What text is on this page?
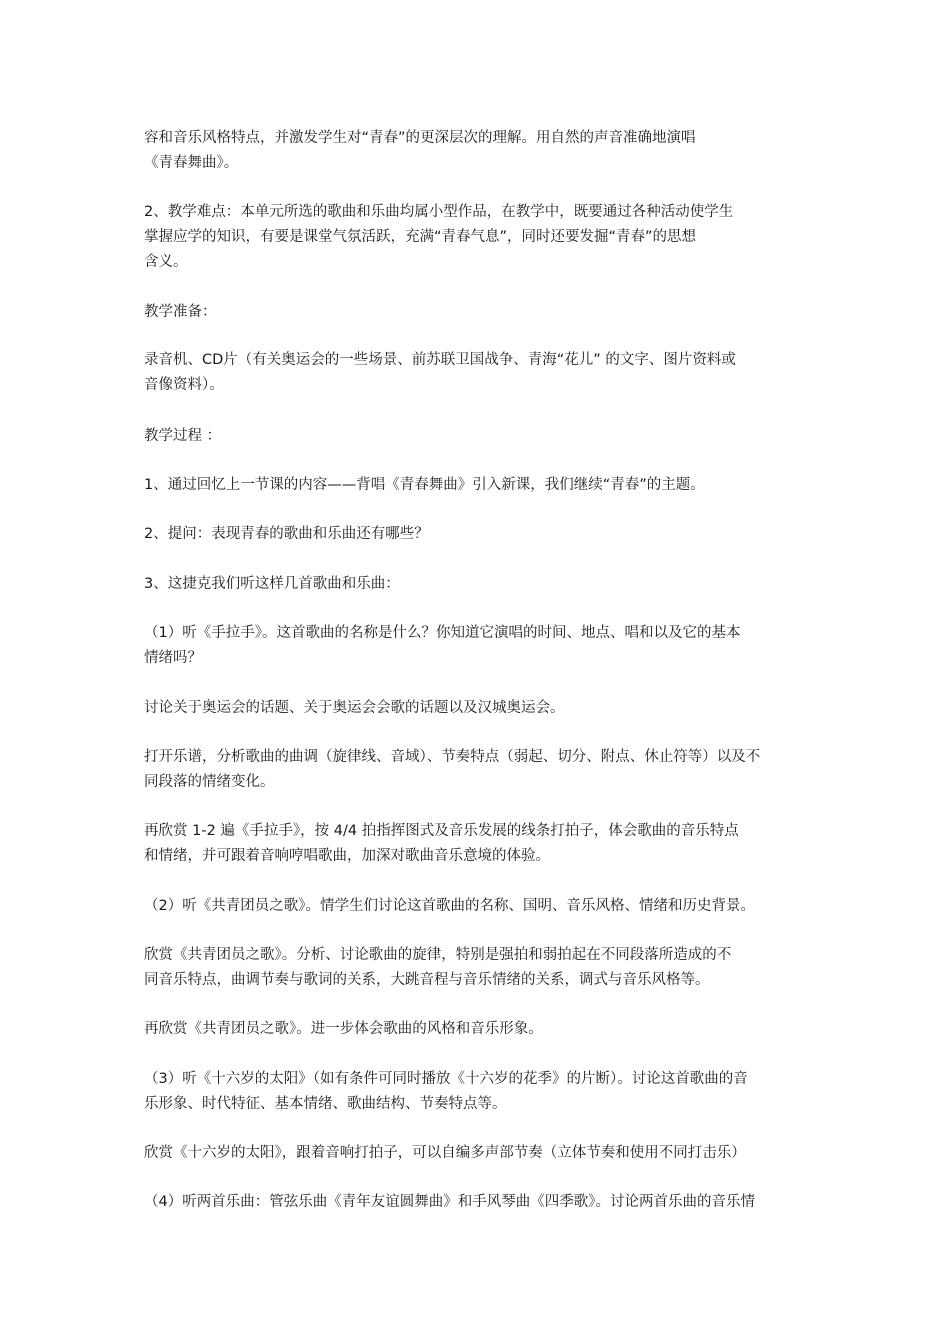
容和音乐风格特点，并激发学生对“青春”的更深层次的理解。用自然的声音准确地演唱
《青春舞曲》。
2、教学难点：本单元所选的歌曲和乐曲均属小型作品，在教学中，既要通过各种活动使学生
掌握应学的知识，有要是课堂气氛活跃，充满“青春气息”，同时还要发掘“青春”的思想
含义。
教学准备：
录音机、CD片（有关奥运会的一些场景、前苏联卫国战争、青海“花儿” 的文字、图片资料或
音像资料）。
教学过程 ：
1、通过回忆上一节课的内容——背唱《青春舞曲》引入新课，我们继续“青春”的主题。
2、提问：表现青春的歌曲和乐曲还有哪些？
3、这捷克我们听这样几首歌曲和乐曲：
（1）听《手拉手》。这首歌曲的名称是什么？你知道它演唱的时间、地点、唱和以及它的基本
情绪吗？
讨论关于奥运会的话题、关于奥运会会歌的话题以及汉城奥运会。
打开乐谱，分析歌曲的曲调（旋律线、音域）、节奏特点（弱起、切分、附点、休止符等）以及不
同段落的情绪变化。
再欣赏 1-2 遍《手拉手》，按 4/4 拍指挥图式及音乐发展的线条打拍子，体会歌曲的音乐特点
和情绪，并可跟着音响哼唱歌曲，加深对歌曲音乐意境的体验。
（2）听《共青团员之歌》。情学生们讨论这首歌曲的名称、国明、音乐风格、情绪和历史背景。
欣赏《共青团员之歌》。分析、讨论歌曲的旋律，特别是强拍和弱拍起在不同段落所造成的不
同音乐特点，曲调节奏与歌词的关系，大跳音程与音乐情绪的关系，调式与音乐风格等。
再欣赏《共青团员之歌》。进一步体会歌曲的风格和音乐形象。
（3）听《十六岁的太阳》（如有条件可同时播放《十六岁的花季》的片断）。讨论这首歌曲的音
乐形象、时代特征、基本情绪、歌曲结构、节奏特点等。
欣赏《十六岁的太阳》，跟着音响打拍子，可以自编多声部节奏（立体节奏和使用不同打击乐）
（4）听两首乐曲：管弦乐曲《青年友谊圆舞曲》和手风琴曲《四季歌》。讨论两首乐曲的音乐情
